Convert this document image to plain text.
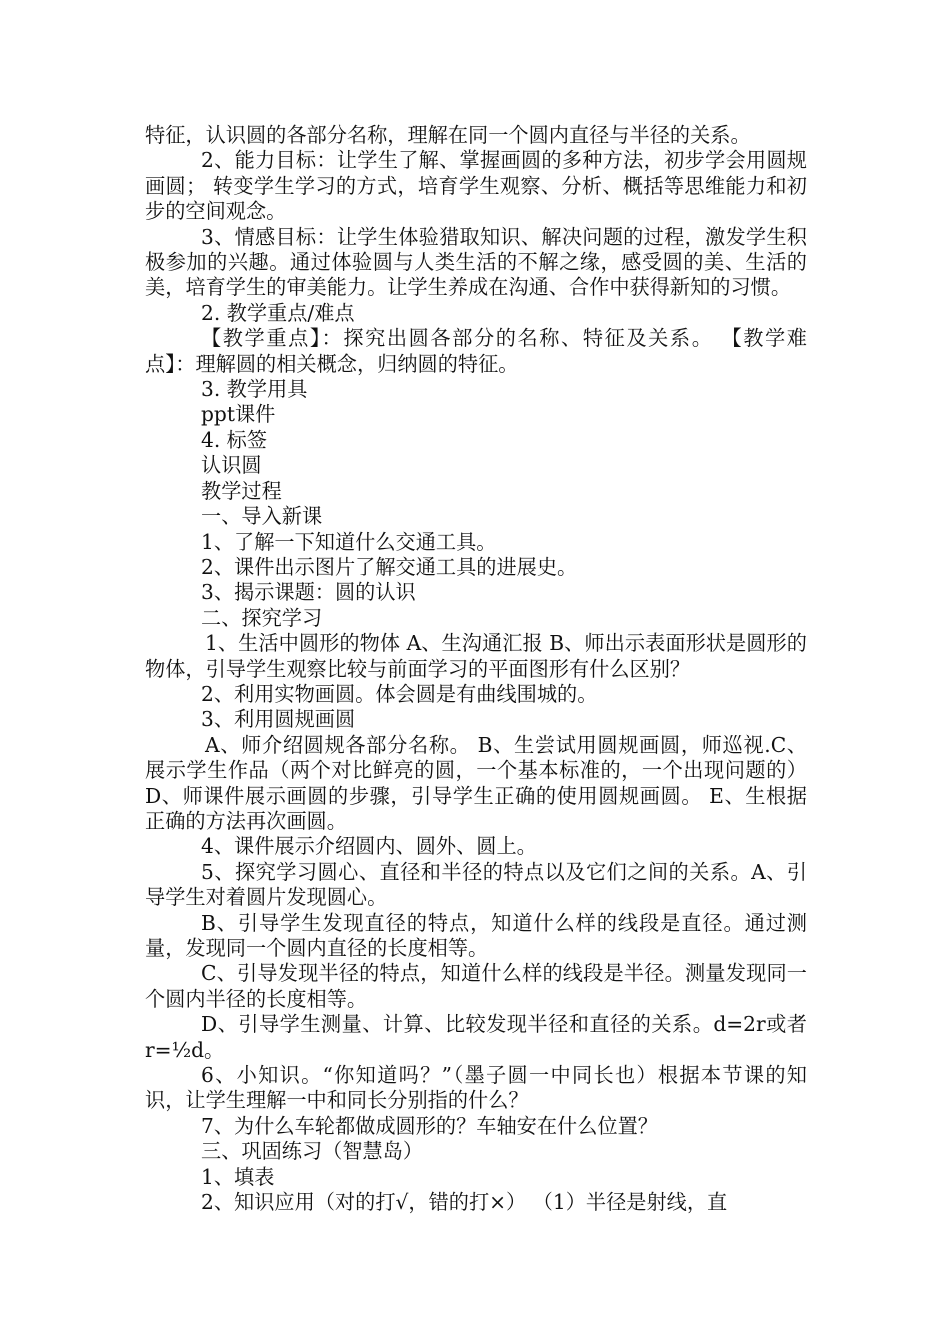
特征，认识圆的各部分名称，理解在同一个圆内直径与半径的关系。

2、能力目标：让学生了解、掌握画圆的多种方法，初步学会用圆规画圆； 转变学生学习的方式，培育学生观察、分析、概括等思维能力和初步的空间观念。

3、情感目标：让学生体验猎取知识、解决问题的过程，激发学生积极参加的兴趣。通过体验圆与人类生活的不解之缘，感受圆的美、生活的美，培育学生的审美能力。让学生养成在沟通、合作中获得新知的习惯。

2. 教学重点/难点

【教学重点】：探究出圆各部分的名称、特征及关系。 【教学难点】：理解圆的相关概念，归纳圆的特征。

3. 教学用具

ppt课件

4. 标签

认识圆

教学过程

一、导入新课

1、了解一下知道什么交通工具。

2、课件出示图片了解交通工具的进展史。

3、揭示课题：圆的认识

二、探究学习

1、生活中圆形的物体 A、生沟通汇报 B、师出示表面形状是圆形的物体，引导学生观察比较与前面学习的平面图形有什么区别？

2、利用实物画圆。体会圆是有曲线围城的。

3、利用圆规画圆

A、师介绍圆规各部分名称。 B、生尝试用圆规画圆，师巡视.C、展示学生作品（两个对比鲜亮的圆，一个基本标准的，一个出现问题的） D、师课件展示画圆的步骤，引导学生正确的使用圆规画圆。 E、生根据正确的方法再次画圆。

4、课件展示介绍圆内、圆外、圆上。

5、探究学习圆心、直径和半径的特点以及它们之间的关系。A、引导学生对着圆片发现圆心。

B、引导学生发现直径的特点，知道什么样的线段是直径。通过测量，发现同一个圆内直径的长度相等。

C、引导发现半径的特点，知道什么样的线段是半径。测量发现同一个圆内半径的长度相等。

D、引导学生测量、计算、比较发现半径和直径的关系。d=2r或者 r=½d。

6、小知识。“你知道吗？”（墨子圆一中同长也）根据本节课的知识，让学生理解一中和同长分别指的什么？

7、为什么车轮都做成圆形的？车轴安在什么位置？

三、巩固练习（智慧岛）

1、填表

2、知识应用（对的打√，错的打×） （1）半径是射线，直
